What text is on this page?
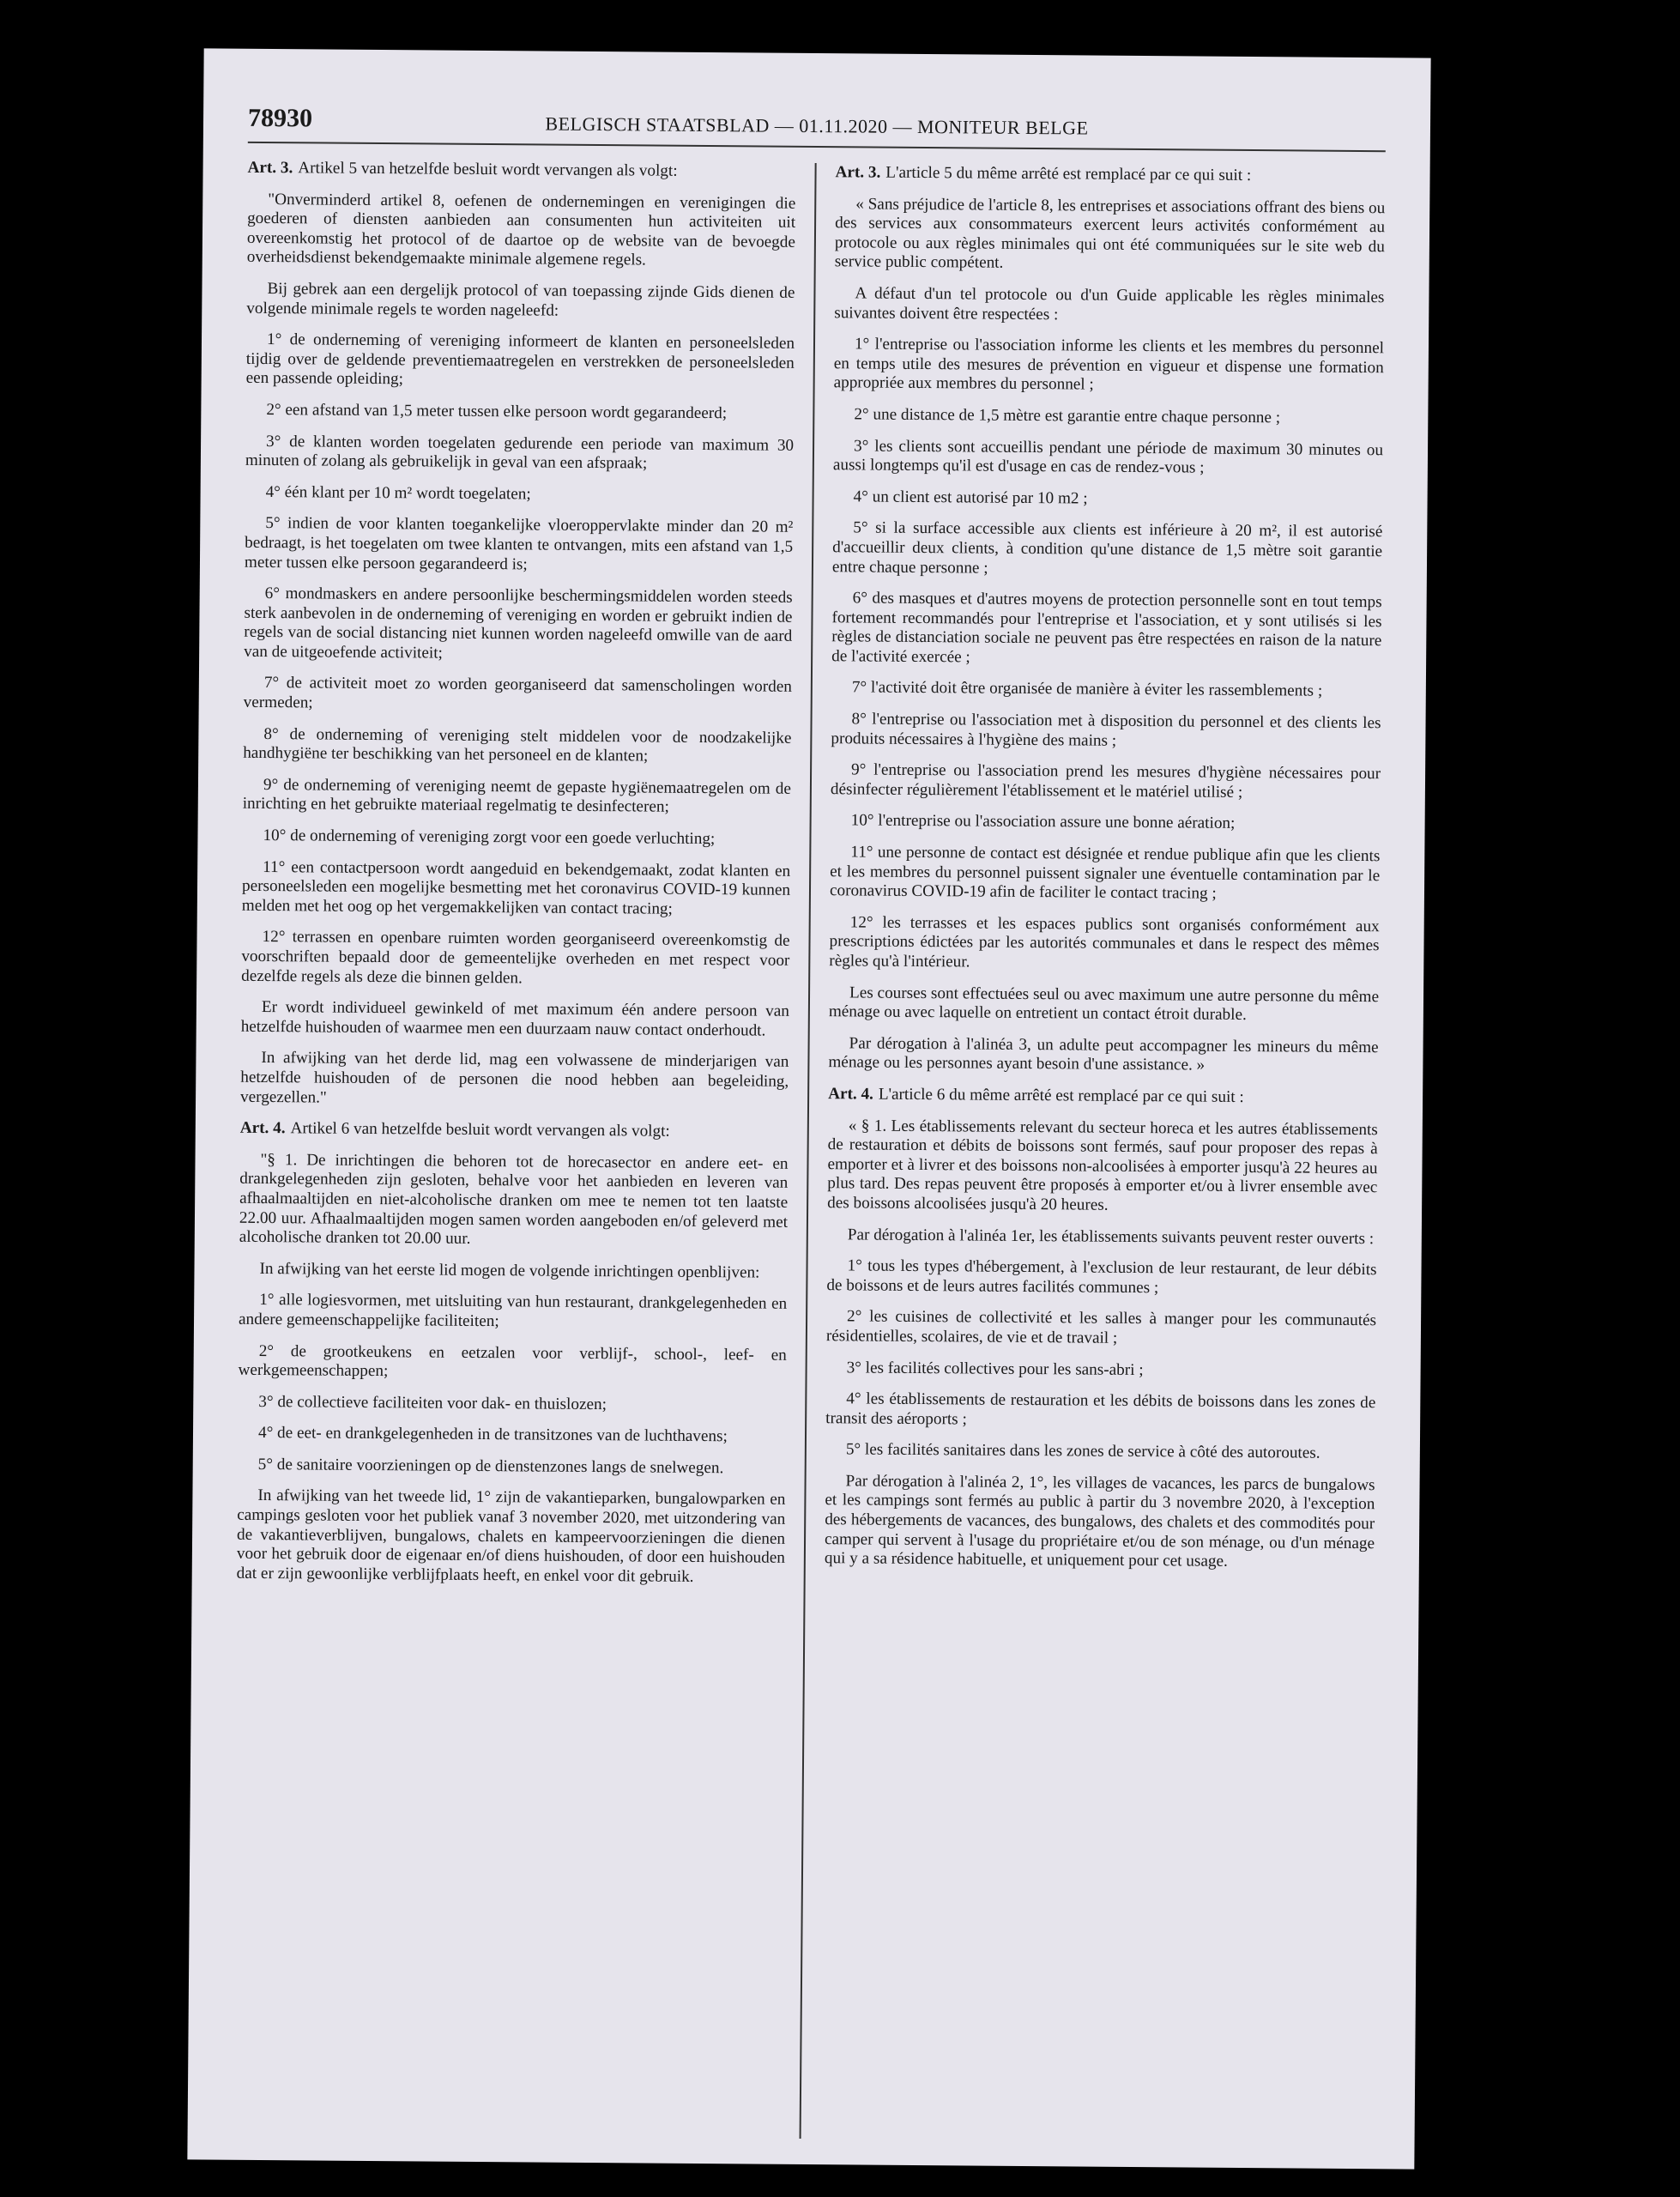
78930	BELGISCH STAATSBLAD — 01.11.2020 — MONITEUR BELGE

Art. 3. Artikel 5 van hetzelfde besluit wordt vervangen als volgt:

"Onverminderd artikel 8, oefenen de ondernemingen en verenigingen die goederen of diensten aanbieden aan consumenten hun activiteiten uit overeenkomstig het protocol of de daartoe op de website van de bevoegde overheidsdienst bekendgemaakte minimale algemene regels.

Bij gebrek aan een dergelijk protocol of van toepassing zijnde Gids dienen de volgende minimale regels te worden nageleefd:

1° de onderneming of vereniging informeert de klanten en personeelsleden tijdig over de geldende preventiemaatregelen en verstrekken de personeelsleden een passende opleiding;

2° een afstand van 1,5 meter tussen elke persoon wordt gegarandeerd;

3° de klanten worden toegelaten gedurende een periode van maximum 30 minuten of zolang als gebruikelijk in geval van een afspraak;

4° één klant per 10 m² wordt toegelaten;

5° indien de voor klanten toegankelijke vloeroppervlakte minder dan 20 m² bedraagt, is het toegelaten om twee klanten te ontvangen, mits een afstand van 1,5 meter tussen elke persoon gegarandeerd is;

6° mondmaskers en andere persoonlijke beschermingsmiddelen worden steeds sterk aanbevolen in de onderneming of vereniging en worden er gebruikt indien de regels van de social distancing niet kunnen worden nageleefd omwille van de aard van de uitgeoefende activiteit;

7° de activiteit moet zo worden georganiseerd dat samenscholingen worden vermeden;

8° de onderneming of vereniging stelt middelen voor de noodzakelijke handhygiëne ter beschikking van het personeel en de klanten;

9° de onderneming of vereniging neemt de gepaste hygiënemaatregelen om de inrichting en het gebruikte materiaal regelmatig te desinfecteren;

10° de onderneming of vereniging zorgt voor een goede verluchting;

11° een contactpersoon wordt aangeduid en bekendgemaakt, zodat klanten en personeelsleden een mogelijke besmetting met het coronavirus COVID-19 kunnen melden met het oog op het vergemakkelijken van contact tracing;

12° terrassen en openbare ruimten worden georganiseerd overeenkomstig de voorschriften bepaald door de gemeentelijke overheden en met respect voor dezelfde regels als deze die binnen gelden.

Er wordt individueel gewinkeld of met maximum één andere persoon van hetzelfde huishouden of waarmee men een duurzaam nauw contact onderhoudt.

In afwijking van het derde lid, mag een volwassene de minderjarigen van hetzelfde huishouden of de personen die nood hebben aan begeleiding, vergezellen."

Art. 4. Artikel 6 van hetzelfde besluit wordt vervangen als volgt:

"§ 1. De inrichtingen die behoren tot de horecasector en andere eet- en drankgelegenheden zijn gesloten, behalve voor het aanbieden en leveren van afhaalmaaltijden en niet-alcoholische dranken om mee te nemen tot ten laatste 22.00 uur. Afhaalmaaltijden mogen samen worden aangeboden en/of geleverd met alcoholische dranken tot 20.00 uur.

In afwijking van het eerste lid mogen de volgende inrichtingen openblijven:

1° alle logiesvormen, met uitsluiting van hun restaurant, drankgelegenheden en andere gemeenschappelijke faciliteiten;

2° de grootkeukens en eetzalen voor verblijf-, school-, leef- en werkgemeenschappen;

3° de collectieve faciliteiten voor dak- en thuislozen;

4° de eet- en drankgelegenheden in de transitzones van de luchthavens;

5° de sanitaire voorzieningen op de dienstenzones langs de snelwegen.

In afwijking van het tweede lid, 1° zijn de vakantieparken, bungalowparken en campings gesloten voor het publiek vanaf 3 november 2020, met uitzondering van de vakantieverblijven, bungalows, chalets en kampeervoorzieningen die dienen voor het gebruik door de eigenaar en/of diens huishouden, of door een huishouden dat er zijn gewoonlijke verblijfplaats heeft, en enkel voor dit gebruik.

Art. 3. L'article 5 du même arrêté est remplacé par ce qui suit :

« Sans préjudice de l'article 8, les entreprises et associations offrant des biens ou des services aux consommateurs exercent leurs activités conformément au protocole ou aux règles minimales qui ont été communiquées sur le site web du service public compétent.

A défaut d'un tel protocole ou d'un Guide applicable les règles minimales suivantes doivent être respectées :

1° l'entreprise ou l'association informe les clients et les membres du personnel en temps utile des mesures de prévention en vigueur et dispense une formation appropriée aux membres du personnel ;

2° une distance de 1,5 mètre est garantie entre chaque personne ;

3° les clients sont accueillis pendant une période de maximum 30 minutes ou aussi longtemps qu'il est d'usage en cas de rendez-vous ;

4° un client est autorisé par 10 m2 ;

5° si la surface accessible aux clients est inférieure à 20 m², il est autorisé d'accueillir deux clients, à condition qu'une distance de 1,5 mètre soit garantie entre chaque personne ;

6° des masques et d'autres moyens de protection personnelle sont en tout temps fortement recommandés pour l'entreprise et l'association, et y sont utilisés si les règles de distanciation sociale ne peuvent pas être respectées en raison de la nature de l'activité exercée ;

7° l'activité doit être organisée de manière à éviter les rassemblements ;

8° l'entreprise ou l'association met à disposition du personnel et des clients les produits nécessaires à l'hygiène des mains ;

9° l'entreprise ou l'association prend les mesures d'hygiène nécessaires pour désinfecter régulièrement l'établissement et le matériel utilisé ;

10° l'entreprise ou l'association assure une bonne aération;

11° une personne de contact est désignée et rendue publique afin que les clients et les membres du personnel puissent signaler une éventuelle contamination par le coronavirus COVID-19 afin de faciliter le contact tracing ;

12° les terrasses et les espaces publics sont organisés conformément aux prescriptions édictées par les autorités communales et dans le respect des mêmes règles qu'à l'intérieur.

Les courses sont effectuées seul ou avec maximum une autre personne du même ménage ou avec laquelle on entretient un contact étroit durable.

Par dérogation à l'alinéa 3, un adulte peut accompagner les mineurs du même ménage ou les personnes ayant besoin d'une assistance. »

Art. 4. L'article 6 du même arrêté est remplacé par ce qui suit :

« § 1. Les établissements relevant du secteur horeca et les autres établissements de restauration et débits de boissons sont fermés, sauf pour proposer des repas à emporter et à livrer et des boissons non-alcoolisées à emporter jusqu'à 22 heures au plus tard. Des repas peuvent être proposés à emporter et/ou à livrer ensemble avec des boissons alcoolisées jusqu'à 20 heures.

Par dérogation à l'alinéa 1er, les établissements suivants peuvent rester ouverts :

1° tous les types d'hébergement, à l'exclusion de leur restaurant, de leur débits de boissons et de leurs autres facilités communes ;

2° les cuisines de collectivité et les salles à manger pour les communautés résidentielles, scolaires, de vie et de travail ;

3° les facilités collectives pour les sans-abri ;

4° les établissements de restauration et les débits de boissons dans les zones de transit des aéroports ;

5° les facilités sanitaires dans les zones de service à côté des autoroutes.

Par dérogation à l'alinéa 2, 1°, les villages de vacances, les parcs de bungalows et les campings sont fermés au public à partir du 3 novembre 2020, à l'exception des hébergements de vacances, des bungalows, des chalets et des commodités pour camper qui servent à l'usage du propriétaire et/ou de son ménage, ou d'un ménage qui y a sa résidence habituelle, et uniquement pour cet usage.
